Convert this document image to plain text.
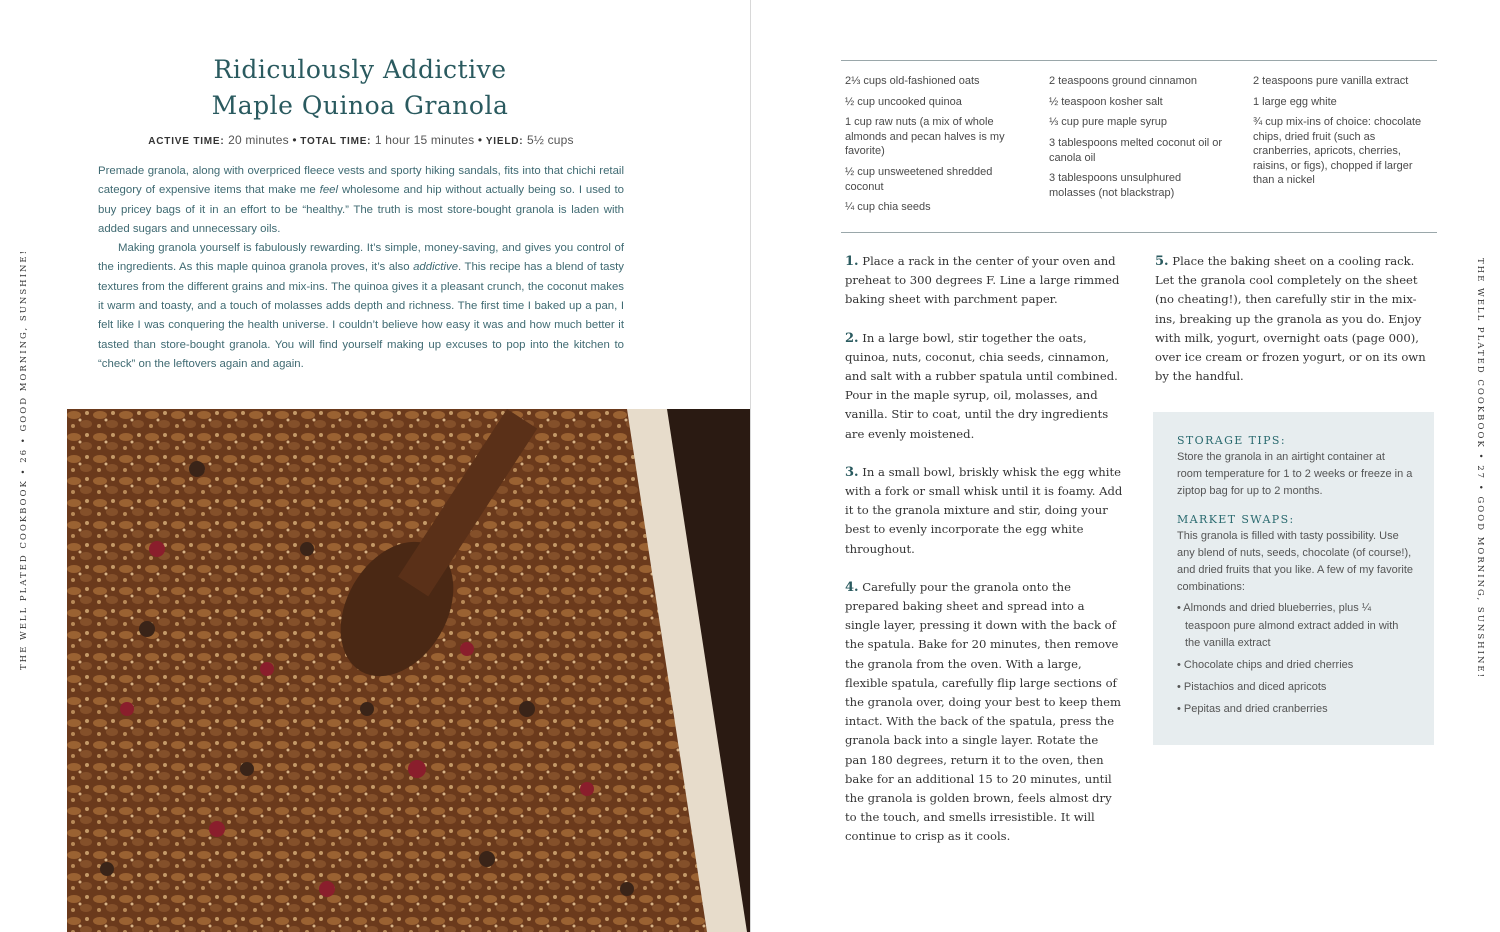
THE WELL PLATED COOKBOOK • 26 • GOOD MORNING, SUNSHINE!
Ridiculously Addictive
Maple Quinoa Granola
ACTIVE TIME: 20 minutes • TOTAL TIME: 1 hour 15 minutes • YIELD: 5½ cups

Premade granola, along with overpriced fleece vests and sporty hiking sandals, fits into that chichi retail category of expensive items that make me feel wholesome and hip without actually being so. I used to buy pricey bags of it in an effort to be “healthy.” The truth is most store-bought granola is laden with added sugars and unnecessary oils.

Making granola yourself is fabulously rewarding. It’s simple, money-saving, and gives you control of the ingredients. As this maple quinoa granola proves, it’s also addictive. This recipe has a blend of tasty textures from the different grains and mix-ins. The quinoa gives it a pleasant crunch, the coconut makes it warm and toasty, and a touch of molasses adds depth and richness. The first time I baked up a pan, I felt like I was conquering the health universe. I couldn’t believe how easy it was and how much better it tasted than store-bought granola. You will find yourself making up excuses to pop into the kitchen to “check” on the leftovers again and again.

2⅓ cups old-fashioned oats
½ cup uncooked quinoa
1 cup raw nuts (a mix of whole almonds and pecan halves is my favorite)
½ cup unsweetened shredded coconut
¼ cup chia seeds
2 teaspoons ground cinnamon
½ teaspoon kosher salt
⅓ cup pure maple syrup
3 tablespoons melted coconut oil or canola oil
3 tablespoons unsulphured molasses (not blackstrap)
2 teaspoons pure vanilla extract
1 large egg white
¾ cup mix-ins of choice: chocolate chips, dried fruit (such as cranberries, apricots, cherries, raisins, or figs), chopped if larger than a nickel

1. Place a rack in the center of your oven and preheat to 300 degrees F. Line a large rimmed baking sheet with parchment paper.

2. In a large bowl, stir together the oats, quinoa, nuts, coconut, chia seeds, cinnamon, and salt with a rubber spatula until combined. Pour in the maple syrup, oil, molasses, and vanilla. Stir to coat, until the dry ingredients are evenly moistened.

3. In a small bowl, briskly whisk the egg white with a fork or small whisk until it is foamy. Add it to the granola mixture and stir, doing your best to evenly incorporate the egg white throughout.

4. Carefully pour the granola onto the prepared baking sheet and spread into a single layer, pressing it down with the back of the spatula. Bake for 20 minutes, then remove the granola from the oven. With a large, flexible spatula, carefully flip large sections of the granola over, doing your best to keep them intact. With the back of the spatula, press the granola back into a single layer. Rotate the pan 180 degrees, return it to the oven, then bake for an additional 15 to 20 minutes, until the granola is golden brown, feels almost dry to the touch, and smells irresistible. It will continue to crisp as it cools.

5. Place the baking sheet on a cooling rack. Let the granola cool completely on the sheet (no cheating!), then carefully stir in the mix-ins, breaking up the granola as you do. Enjoy with milk, yogurt, overnight oats (page 000), over ice cream or frozen yogurt, or on its own by the handful.

STORAGE TIPS:

Store the granola in an airtight container at room temperature for 1 to 2 weeks or freeze in a ziptop bag for up to 2 months.

MARKET SWAPS:

This granola is filled with tasty possibility. Use any blend of nuts, seeds, chocolate (of course!), and dried fruits that you like. A few of my favorite combinations:

• Almonds and dried blueberries, plus ¼ teaspoon pure almond extract added in with the vanilla extract
• Chocolate chips and dried cherries
• Pistachios and diced apricots
• Pepitas and dried cranberries
THE WELL PLATED COOKBOOK • 27 • GOOD MORNING, SUNSHINE!
